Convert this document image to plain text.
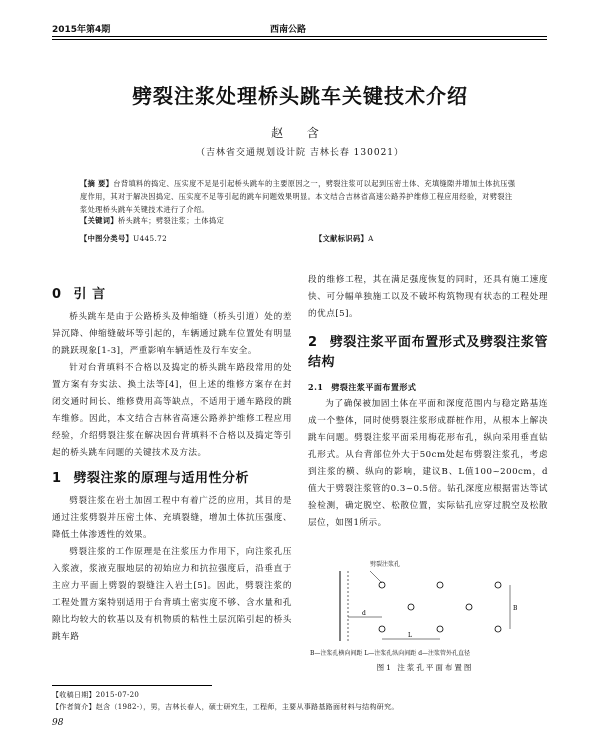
2015年第4期	西南公路
劈裂注浆处理桥头跳车关键技术介绍
赵 含
（吉林省交通规划设计院 吉林长春 130021）
【摘 要】台背填料的捣定、压实度不足是引起桥头跳车的主要原因之一，劈裂注浆可以起到压密土体、充填缝隙并增加土体抗压强度作用，其对于解决因捣定、压实度不足等引起的跳车问题效果明显。本文结合吉林省高速公路养护维修工程应用经验，对劈裂注浆处理桥头跳车关键技术进行了介绍。
【关键词】桥头跳车；劈裂注浆；土体捣定
【中图分类号】U445.72	【文献标识码】A
0 引 言

桥头跳车是由于公路桥头及伸缩缝（桥头引道）处的差异沉降、伸缩缝破坏等引起的，车辆通过跳车位置处有明显的跳跃现象[1-3]，严重影响车辆适性及行车安全。

针对台背填料不合格以及捣定的桥头跳车路段常用的处置方案有夯实法、换土法等[4]，但上述的维修方案存在封闭交通时间长、维修费用高等缺点，不适用于通车路段的跳车维修。因此，本文结合吉林省高速公路养护维修工程应用经验，介绍劈裂注浆在解决因台背填料不合格以及捣定等引起的桥头跳车问题的关键技术及方法。

1 劈裂注浆的原理与适用性分析

劈裂注浆在岩土加固工程中有着广泛的应用，其目的是通过注浆劈裂并压密土体、充填裂缝，增加土体抗压强度、降低土体渗透性的效果。

劈裂注浆的工作原理是在注浆压力作用下，向注浆孔压入浆液，浆液克服地层的初始应力和抗拉强度后，沿垂直于主应力平面上劈裂的裂缝注入岩土[5]。因此，劈裂注浆的工程处置方案特别适用于台背填土密实度不够、含水量和孔隙比均较大的软基以及有机物质的粘性土层沉陷引起的桥头跳车路

段的维修工程，其在满足强度恢复的同时，还具有施工速度快、可分幅单独施工以及不破坏构筑物现有状态的工程处理的优点[5]。

2 劈裂注浆平面布置形式及劈裂注浆管结构
2.1 劈裂注浆平面布置形式

为了确保被加固土体在平面和深度范围内与稳定路基连成一个整体，同时使劈裂注浆形成群桩作用，从根本上解决跳车问题。劈裂注浆平面采用梅花形布孔，纵向采用垂直钻孔形式。从台背部位外大于50cm处起布劈裂注浆孔，考虑到注浆的横、纵向的影响，建议B、L值100~200cm，d值大于劈裂注浆管的0.3~0.5倍。钻孔深度应根据雷达等试验检测，确定脱空、松散位置，实际钻孔应穿过脱空及松散层位，如图1所示。

劈裂注浆孔
L
B
d
B—注浆孔横向间距 L—注浆孔纵向间距 d—注浆管外孔直径
图1 注浆孔平面布置图
【收稿日期】2015-07-20
【作者简介】赵含（1982-），男，吉林长春人，硕士研究生，工程师，主要从事路基路面材料与结构研究。
98
